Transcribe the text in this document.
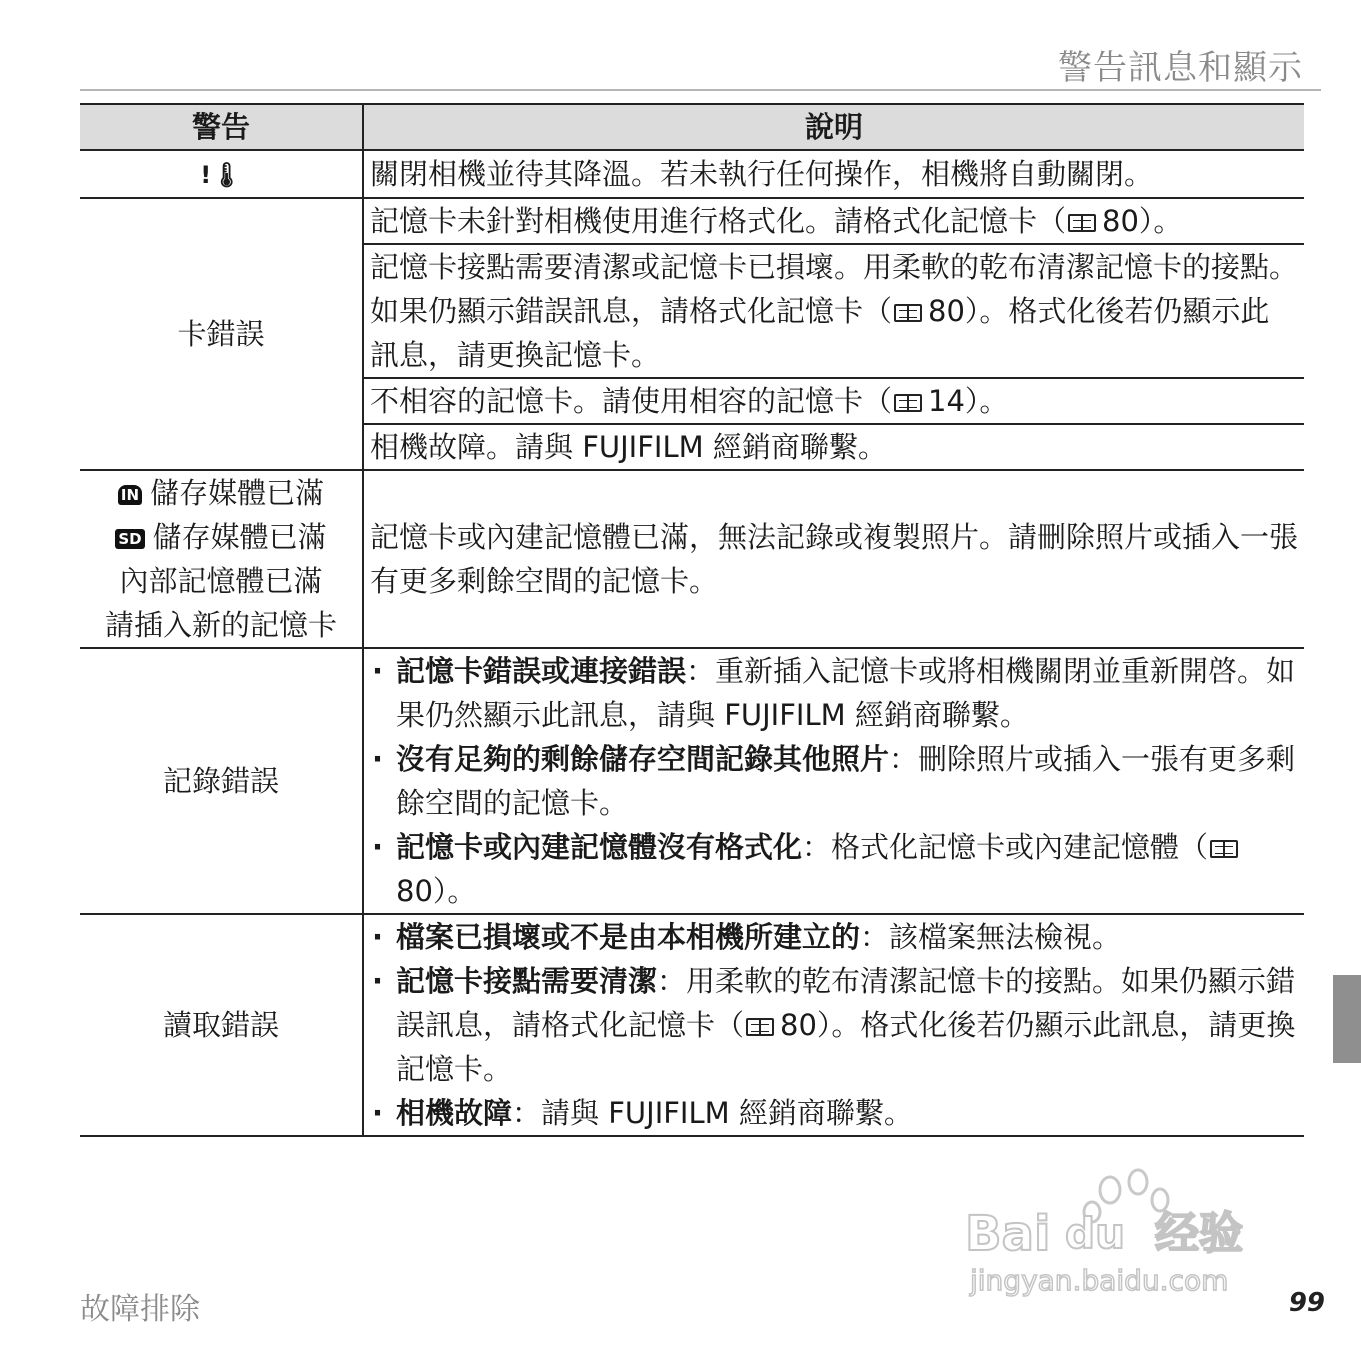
警告訊息和顯示
警告	說明
!🌡	關閉相機並待其降溫。若未執行任何操作，相機將自動關閉。
卡錯誤	記憶卡未針對相機使用進行格式化。請格式化記憶卡（ 80）。
	記憶卡接點需要清潔或記憶卡已損壞。用柔軟的乾布清潔記憶卡的接點。如果仍顯示錯誤訊息，請格式化記憶卡（ 80）。格式化後若仍顯示此訊息，請更換記憶卡。
	不相容的記憶卡。請使用相容的記憶卡（ 14）。
	相機故障。請與 FUJIFILM 經銷商聯繫。

IN 儲存媒體已滿
SD 儲存媒體已滿
內部記憶體已滿
請插入新的記憶卡	記憶卡或內建記憶體已滿，無法記錄或複製照片。請刪除照片或插入一張有更多剩餘空間的記憶卡。
記錄錯誤	· 記憶卡錯誤或連接錯誤：重新插入記憶卡或將相機關閉並重新開啓。如果仍然顯示此訊息，請與 FUJIFILM 經銷商聯繫。
· 沒有足夠的剩餘儲存空間記錄其他照片：刪除照片或插入一張有更多剩餘空間的記憶卡。
· 記憶卡或內建記憶體沒有格式化：格式化記憶卡或內建記憶體（80）。

讀取錯誤	· 檔案已損壞或不是由本相機所建立的：該檔案無法檢視。
· 記憶卡接點需要清潔：用柔軟的乾布清潔記憶卡的接點。如果仍顯示錯誤訊息，請格式化記憶卡（ 80）。格式化後若仍顯示此訊息，請更換記憶卡。
· 相機故障：請與 FUJIFILM 經銷商聯繫。
Bai du 经验
jingyan.baidu.com
故障排除	99
